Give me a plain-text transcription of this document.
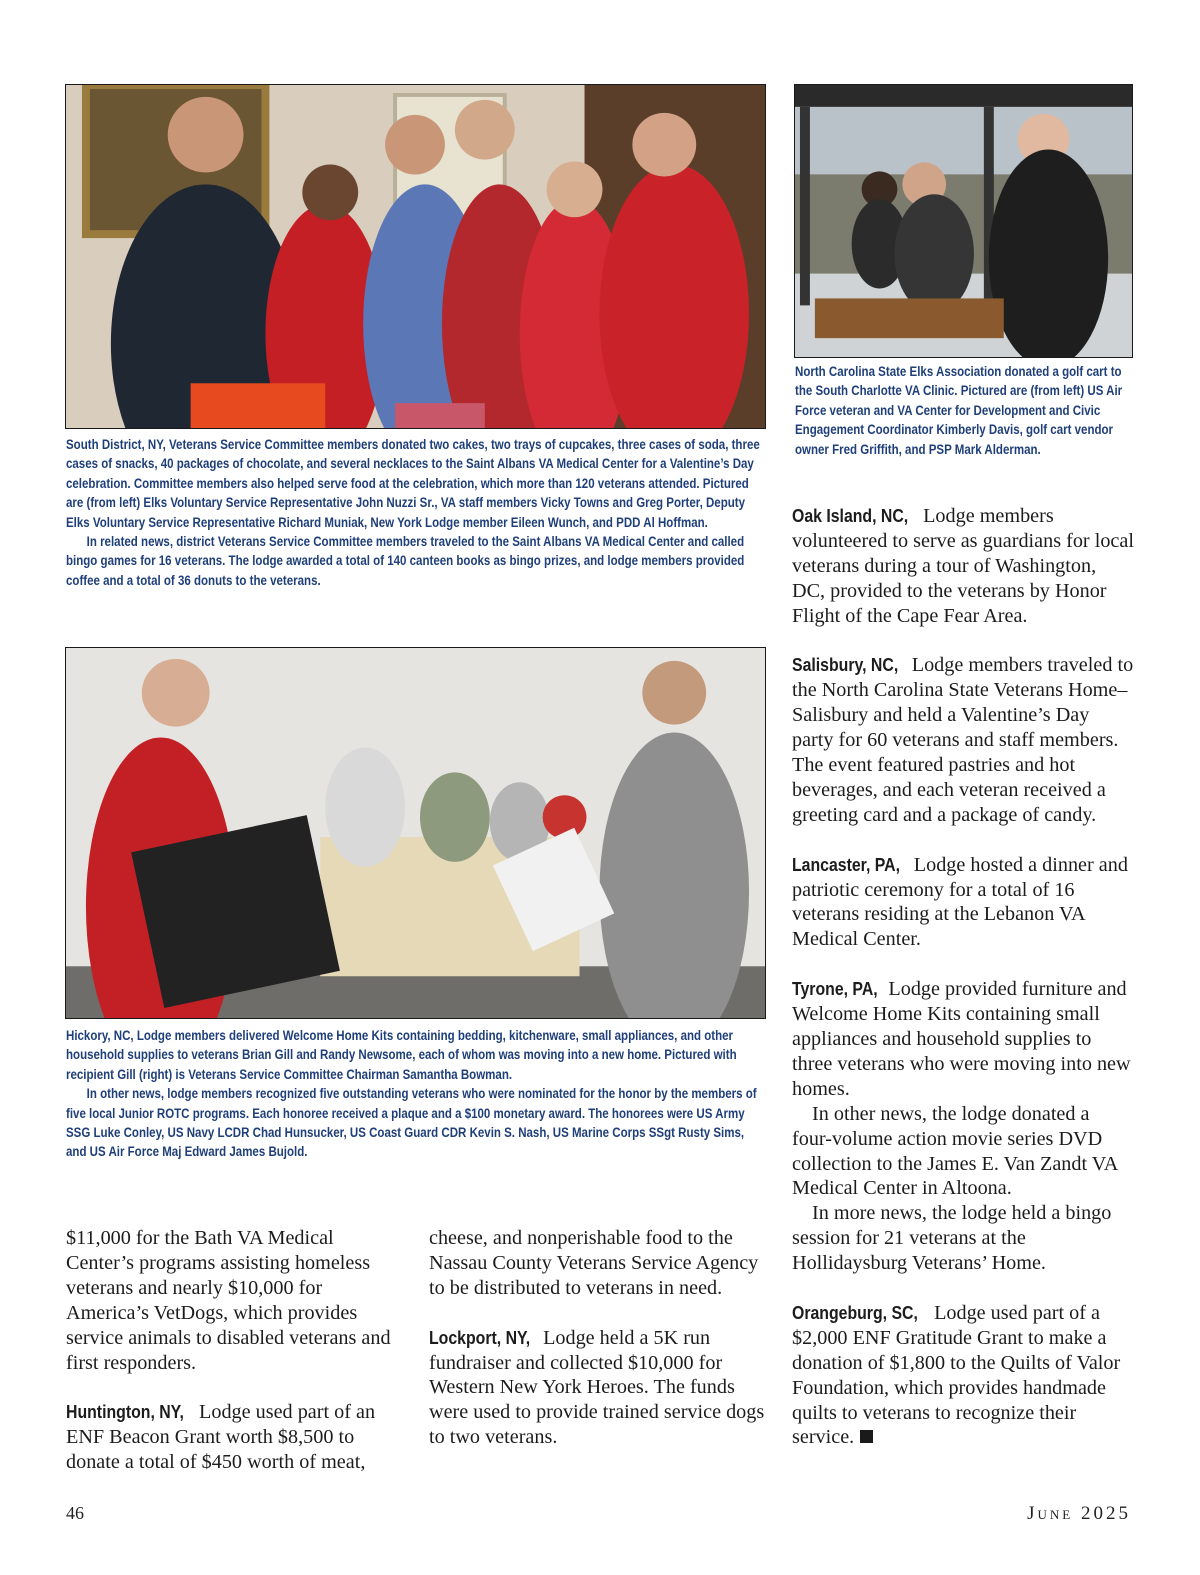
North Carolina State Elks Association donated a golf cart to the South Charlotte VA Clinic. Pictured are (from left) US Air Force veteran and VA Center for Development and Civic Engagement Coordinator Kimberly Davis, golf cart vendor owner Fred Griffith, and PSP Mark Alderman.

South District, NY, Veterans Service Committee members donated two cakes, two trays of cupcakes, three cases of soda, three cases of snacks, 40 packages of chocolate, and several necklaces to the Saint Albans VA Medical Center for a Valentine’s Day celebration. Committee members also helped serve food at the celebration, which more than 120 veterans attended. Pictured are (from left) Elks Voluntary Service Representative John Nuzzi Sr., VA staff members Vicky Towns and Greg Porter, Deputy Elks Voluntary Service Representative Richard Muniak, New York Lodge member Eileen Wunch, and PDD Al Hoffman.

In related news, district Veterans Service Committee members traveled to the Saint Albans VA Medical Center and called bingo games for 16 veterans. The lodge awarded a total of 140 canteen books as bingo prizes, and lodge members provided coffee and a total of 36 donuts to the veterans.

Hickory, NC, Lodge members delivered Welcome Home Kits containing bedding, kitchenware, small appliances, and other household supplies to veterans Brian Gill and Randy Newsome, each of whom was moving into a new home. Pictured with recipient Gill (right) is Veterans Service Committee Chairman Samantha Bowman.

In other news, lodge members recognized five outstanding veterans who were nominated for the honor by the members of five local Junior ROTC programs. Each honoree received a plaque and a $100 monetary award. The honorees were US Army SSG Luke Conley, US Navy LCDR Chad Hunsucker, US Coast Guard CDR Kevin S. Nash, US Marine Corps SSgt Rusty Sims, and US Air Force Maj Edward James Bujold.

$11,000 for the Bath VA Medical Center’s programs assisting homeless veterans and nearly $10,000 for America’s VetDogs, which provides service animals to disabled veterans and first responders.

Huntington, NY, Lodge used part of an ENF Beacon Grant worth $8,500 to donate a total of $450 worth of meat,

cheese, and nonperishable food to the Nassau County Veterans Service Agency to be distributed to veterans in need.

Lockport, NY, Lodge held a 5K run fundraiser and collected $10,000 for Western New York Heroes. The funds were used to provide trained service dogs to two veterans.

Oak Island, NC, Lodge members volunteered to serve as guardians for local veterans during a tour of Washington, DC, provided to the veterans by Honor Flight of the Cape Fear Area.

Salisbury, NC, Lodge members traveled to the North Carolina State Veterans Home–Salisbury and held a Valentine’s Day party for 60 veterans and staff members. The event featured pastries and hot beverages, and each veteran received a greeting card and a package of candy.

Lancaster, PA, Lodge hosted a dinner and patriotic ceremony for a total of 16 veterans residing at the Lebanon VA Medical Center.

Tyrone, PA, Lodge provided furniture and Welcome Home Kits containing small appliances and household supplies to three veterans who were moving into new homes.

In other news, the lodge donated a four-volume action movie series DVD collection to the James E. Van Zandt VA Medical Center in Altoona.

In more news, the lodge held a bingo session for 21 veterans at the Hollidaysburg Veterans’ Home.

Orangeburg, SC, Lodge used part of a $2,000 ENF Gratitude Grant to make a donation of $1,800 to the Quilts of Valor Foundation, which provides handmade quilts to veterans to recognize their service.

46	June 2025
